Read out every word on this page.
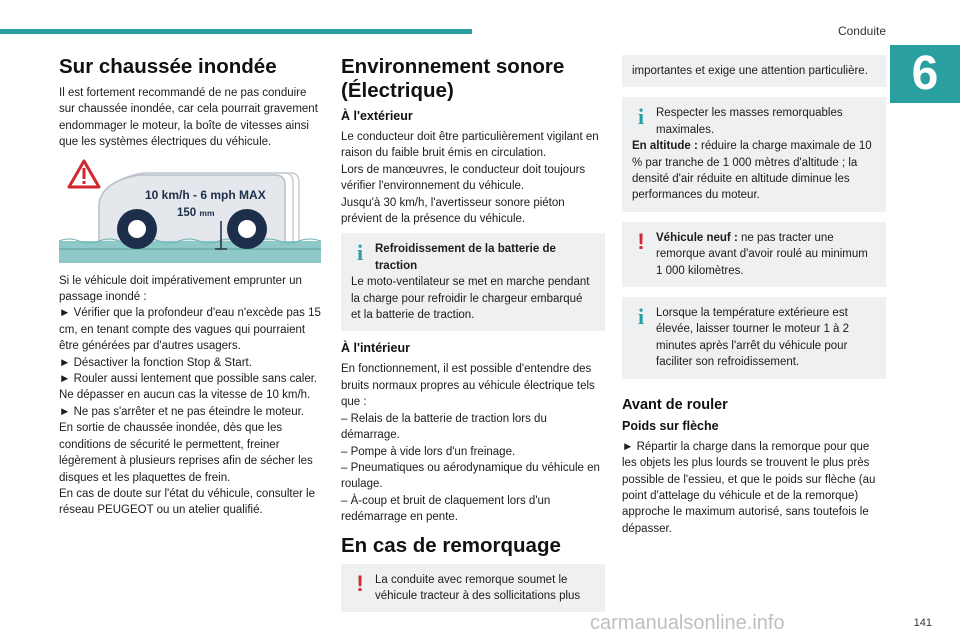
Conduite
6
Sur chaussée inondée

Il est fortement recommandé de ne pas conduire sur chaussée inondée, car cela pourrait gravement endommager le moteur, la boîte de vitesses ainsi que les systèmes électriques du véhicule.

10 km/h - 6 mph MAX
150 mm

Si le véhicule doit impérativement emprunter un passage inondé :
► Vérifier que la profondeur d'eau n'excède pas 15 cm, en tenant compte des vagues qui pourraient être générées par d'autres usagers.
► Désactiver la fonction Stop & Start.
► Rouler aussi lentement que possible sans caler. Ne dépasser en aucun cas la vitesse de 10 km/h.
► Ne pas s'arrêter et ne pas éteindre le moteur.
En sortie de chaussée inondée, dès que les conditions de sécurité le permettent, freiner légèrement à plusieurs reprises afin de sécher les disques et les plaquettes de frein.
En cas de doute sur l'état du véhicule, consulter le réseau PEUGEOT ou un atelier qualifié.

Environnement sonore (Électrique)
À l'extérieur

Le conducteur doit être particulièrement vigilant en raison du faible bruit émis en circulation.
Lors de manœuvres, le conducteur doit toujours vérifier l'environnement du véhicule.
Jusqu'à 30 km/h, l'avertisseur sonore piéton prévient de la présence du véhicule.

i	Refroidissement de la batterie de traction

Le moto-ventilateur se met en marche pendant la charge pour refroidir le chargeur embarqué et la batterie de traction.

À l'intérieur

En fonctionnement, il est possible d'entendre des bruits normaux propres au véhicule électrique tels que :
– Relais de la batterie de traction lors du démarrage.
– Pompe à vide lors d'un freinage.
– Pneumatiques ou aérodynamique du véhicule en roulage.
– À-coup et bruit de claquement lors d'un redémarrage en pente.

En cas de remorquage
! La conduite avec remorque soumet le véhicule tracteur à des sollicitations plus

importantes et exige une attention particulière.

i	Respecter les masses remorquables maximales.

En altitude : réduire la charge maximale de 10 % par tranche de 1 000 mètres d'altitude ; la densité d'air réduite en altitude diminue les performances du moteur.

! Véhicule neuf : ne pas tracter une remorque avant d'avoir roulé au minimum 1 000 kilomètres.

i	Lorsque la température extérieure est élevée, laisser tourner le moteur 1 à 2 minutes après l'arrêt du véhicule pour faciliter son refroidissement.

Avant de rouler
Poids sur flèche

► Répartir la charge dans la remorque pour que les objets les plus lourds se trouvent le plus près possible de l'essieu, et que le poids sur flèche (au point d'attelage du véhicule et de la remorque) approche le maximum autorisé, sans toutefois le dépasser.

carmanualsonline.info	141
